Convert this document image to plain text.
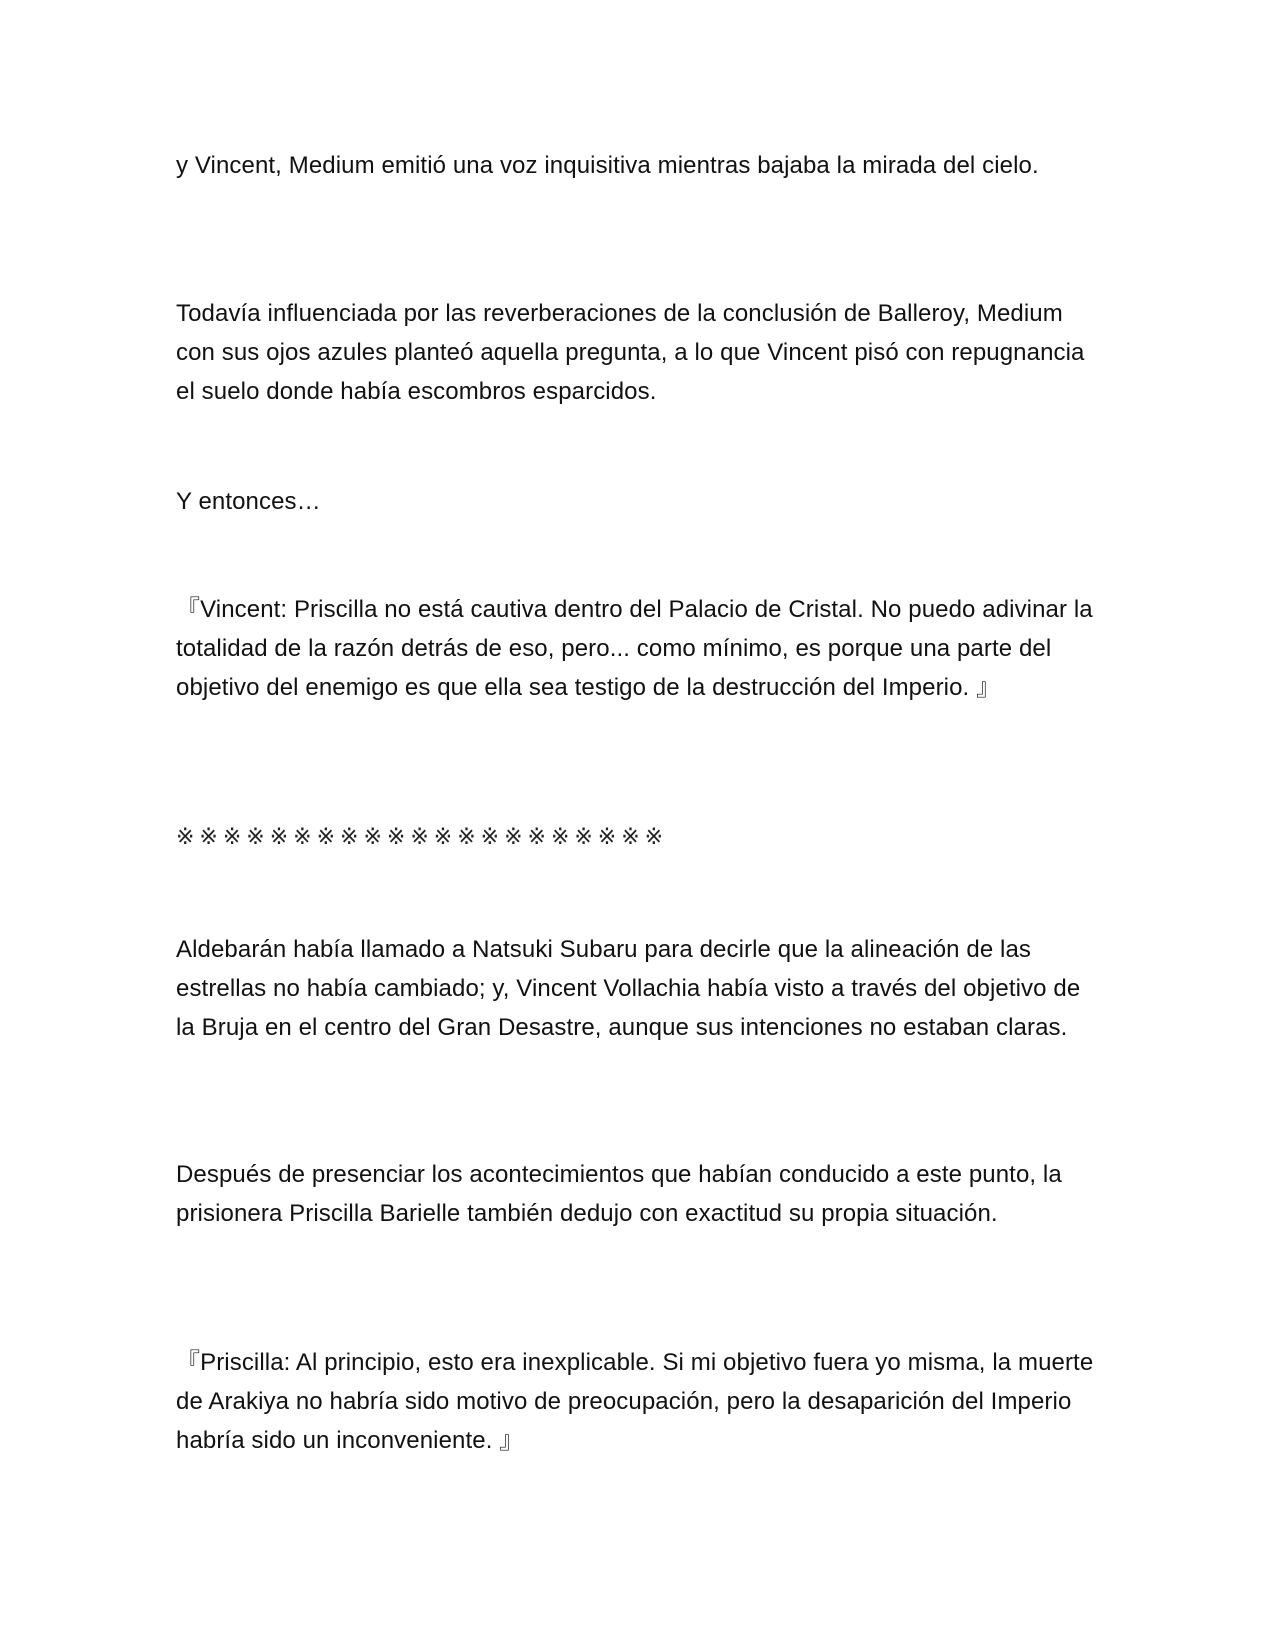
y Vincent, Medium emitió una voz inquisitiva mientras bajaba la mirada del cielo.

Todavía influenciada por las reverberaciones de la conclusión de Balleroy, Medium con sus ojos azules planteó aquella pregunta, a lo que Vincent pisó con repugnancia el suelo donde había escombros esparcidos.

Y entonces…

『Vincent: Priscilla no está cautiva dentro del Palacio de Cristal. No puedo adivinar la totalidad de la razón detrás de eso, pero... como mínimo, es porque una parte del objetivo del enemigo es que ella sea testigo de la destrucción del Imperio. 』

※※※※※※※※※※※※※※※※※※※※※

Aldebarán había llamado a Natsuki Subaru para decirle que la alineación de las estrellas no había cambiado; y, Vincent Vollachia había visto a través del objetivo de la Bruja en el centro del Gran Desastre, aunque sus intenciones no estaban claras.

Después de presenciar los acontecimientos que habían conducido a este punto, la prisionera Priscilla Barielle también dedujo con exactitud su propia situación.

『Priscilla: Al principio, esto era inexplicable. Si mi objetivo fuera yo misma, la muerte de Arakiya no habría sido motivo de preocupación, pero la desaparición del Imperio habría sido un inconveniente. 』
